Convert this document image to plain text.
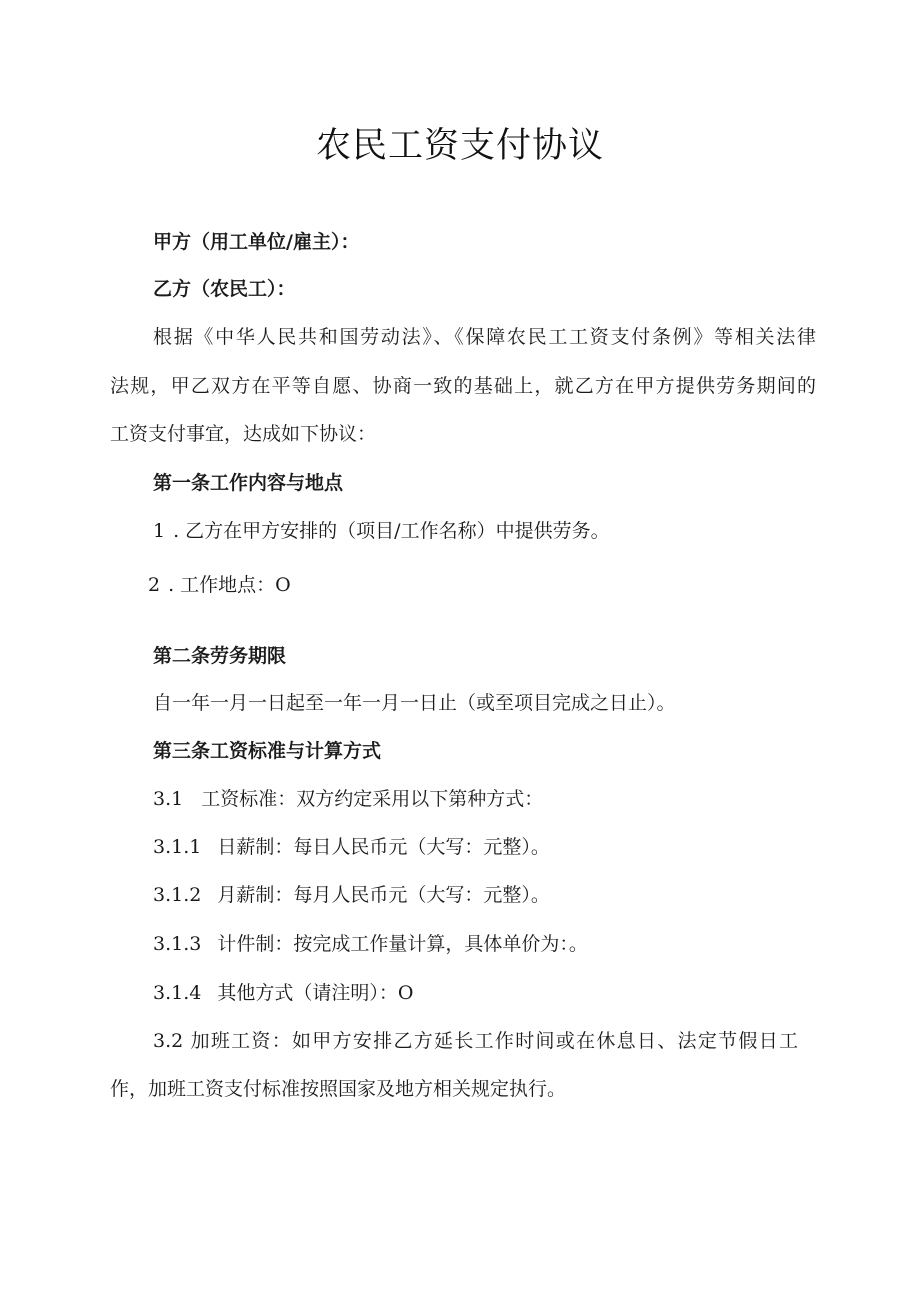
农民工资支付协议
甲方（用工单位/雇主）：
乙方（农民工）：
根据《中华人民共和国劳动法》、《保障农民工工资支付条例》等相关法律
法规，甲乙双方在平等自愿、协商一致的基础上，就乙方在甲方提供劳务期间的
工资支付事宜，达成如下协议：
第一条工作内容与地点
1 . 乙方在甲方安排的（项目/工作名称）中提供劳务。
2 . 工作地点：O
第二条劳务期限
自一年一月一日起至一年一月一日止（或至项目完成之日止）。
第三条工资标准与计算方式
3.1 工资标准：双方约定采用以下第种方式：
3.1.1 日薪制：每日人民币元（大写：元整）。
3.1.2 月薪制：每月人民币元（大写：元整）。
3.1.3 计件制：按完成工作量计算，具体单价为：。
3.1.4 其他方式（请注明）：O
3.2 加班工资：如甲方安排乙方延长工作时间或在休息日、法定节假日工
作，加班工资支付标准按照国家及地方相关规定执行。
